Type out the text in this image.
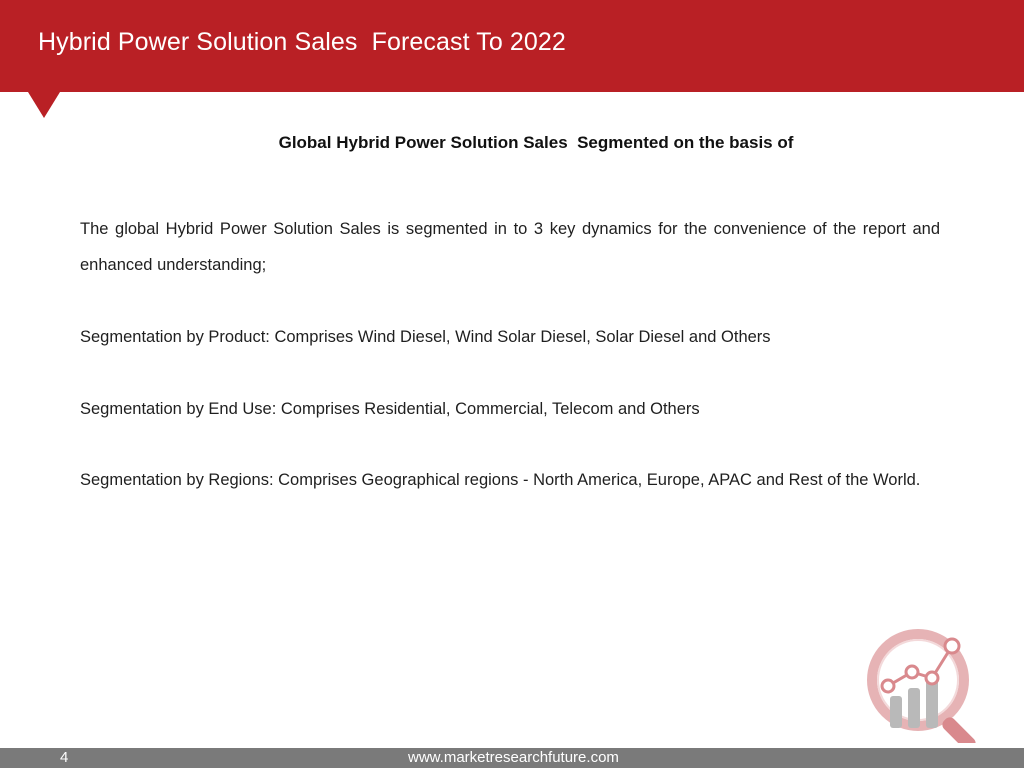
Hybrid Power Solution Sales  Forecast To 2022
Global Hybrid Power Solution Sales  Segmented on the basis of
The global Hybrid Power Solution Sales is segmented in to 3 key dynamics for the convenience of the report and enhanced understanding;
Segmentation by Product: Comprises Wind Diesel, Wind Solar Diesel, Solar Diesel and Others
Segmentation by End Use: Comprises Residential, Commercial, Telecom and Others
Segmentation by Regions: Comprises Geographical regions - North America, Europe, APAC and Rest of the World.
4	www.marketresearchfuture.com
